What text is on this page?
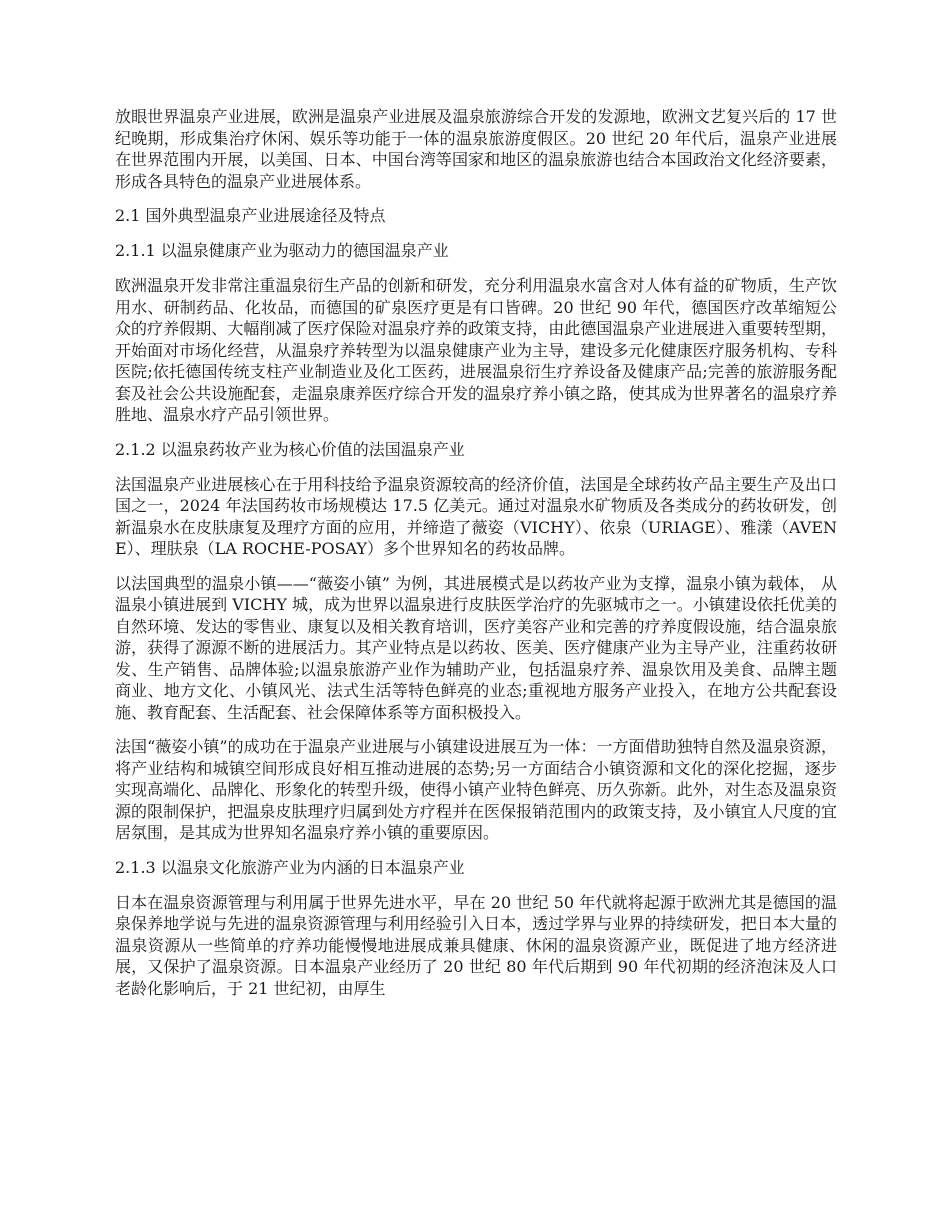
放眼世界温泉产业进展，欧洲是温泉产业进展及温泉旅游综合开发的发源地，欧洲文艺复兴后的 17 世纪晚期，形成集治疗休闲、娱乐等功能于一体的温泉旅游度假区。20 世纪 20 年代后，温泉产业进展在世界范围内开展，以美国、日本、中国台湾等国家和地区的温泉旅游也结合本国政治文化经济要素，形成各具特色的温泉产业进展体系。

2.1 国外典型温泉产业进展途径及特点

2.1.1 以温泉健康产业为驱动力的德国温泉产业

欧洲温泉开发非常注重温泉衍生产品的创新和研发，充分利用温泉水富含对人体有益的矿物质，生产饮用水、研制药品、化妆品，而德国的矿泉医疗更是有口皆碑。20 世纪 90 年代，德国医疗改革缩短公众的疗养假期、大幅削减了医疗保险对温泉疗养的政策支持，由此德国温泉产业进展进入重要转型期，开始面对市场化经营，从温泉疗养转型为以温泉健康产业为主导，建设多元化健康医疗服务机构、专科医院;依托德国传统支柱产业制造业及化工医药，进展温泉衍生疗养设备及健康产品;完善的旅游服务配套及社会公共设施配套，走温泉康养医疗综合开发的温泉疗养小镇之路，使其成为世界著名的温泉疗养胜地、温泉水疗产品引领世界。

2.1.2 以温泉药妆产业为核心价值的法国温泉产业

法国温泉产业进展核心在于用科技给予温泉资源较高的经济价值，法国是全球药妆产品主要生产及出口国之一，2024 年法国药妆市场规模达 17.5 亿美元。通过对温泉水矿物质及各类成分的药妆研发，创新温泉水在皮肤康复及理疗方面的应用，并缔造了薇姿（VICHY）、依泉（URIAGE）、雅漾（AVENE）、理肤泉（LA ROCHE-POSAY）多个世界知名的药妆品牌。

以法国典型的温泉小镇——“薇姿小镇” 为例，其进展模式是以药妆产业为支撑，温泉小镇为载体， 从温泉小镇进展到 VICHY 城，成为世界以温泉进行皮肤医学治疗的先驱城市之一。小镇建设依托优美的自然环境、发达的零售业、康复以及相关教育培训，医疗美容产业和完善的疗养度假设施，结合温泉旅游，获得了源源不断的进展活力。其产业特点是以药妆、医美、医疗健康产业为主导产业，注重药妆研发、生产销售、品牌体验;以温泉旅游产业作为辅助产业，包括温泉疗养、温泉饮用及美食、品牌主题商业、地方文化、小镇风光、法式生活等特色鲜亮的业态;重视地方服务产业投入，在地方公共配套设施、教育配套、生活配套、社会保障体系等方面积极投入。

法国“薇姿小镇”的成功在于温泉产业进展与小镇建设进展互为一体：一方面借助独特自然及温泉资源，将产业结构和城镇空间形成良好相互推动进展的态势;另一方面结合小镇资源和文化的深化挖掘，逐步实现高端化、品牌化、形象化的转型升级，使得小镇产业特色鲜亮、历久弥新。此外，对生态及温泉资源的限制保护，把温泉皮肤理疗归属到处方疗程并在医保报销范围内的政策支持，及小镇宜人尺度的宜居氛围，是其成为世界知名温泉疗养小镇的重要原因。

2.1.3 以温泉文化旅游产业为内涵的日本温泉产业

日本在温泉资源管理与利用属于世界先进水平，早在 20 世纪 50 年代就将起源于欧洲尤其是德国的温泉保养地学说与先进的温泉资源管理与利用经验引入日本，透过学界与业界的持续研发，把日本大量的温泉资源从一些简单的疗养功能慢慢地进展成兼具健康、休闲的温泉资源产业，既促进了地方经济进展，又保护了温泉资源。日本温泉产业经历了 20 世纪 80 年代后期到 90 年代初期的经济泡沫及人口老龄化影响后，于 21 世纪初，由厚生
